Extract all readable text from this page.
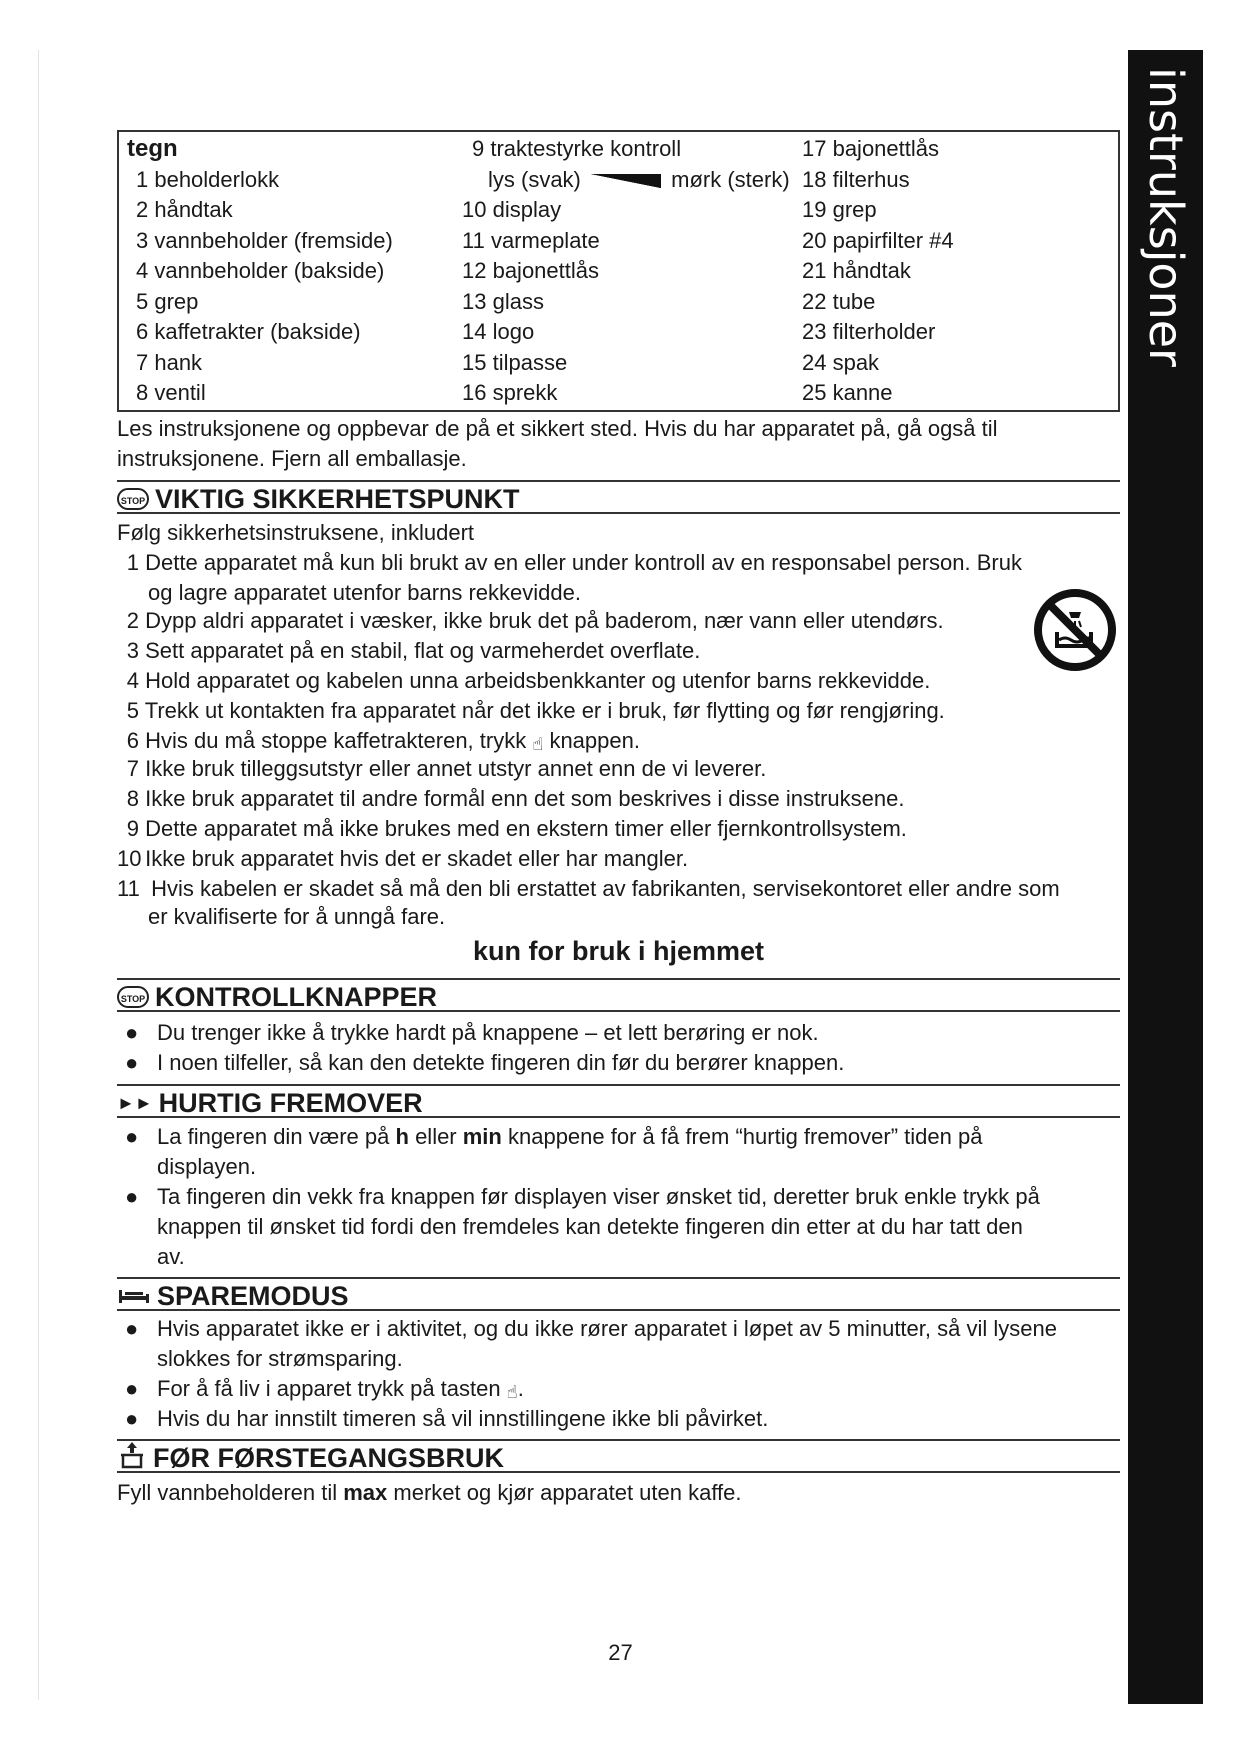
instruksjoner
tegn
1 beholderlokk
2 håndtak
3 vannbeholder (fremside)
4 vannbeholder (bakside)
5 grep
6 kaffetrakter (bakside)
7 hank
8 ventil
9 traktestyrke kontroll
lys (svak)	mørk (sterk)
10 display
11 varmeplate
12 bajonettlås
13 glass
14 logo
15 tilpasse
16 sprekk
17 bajonettlås
18 filterhus
19 grep
20 papirfilter #4
21 håndtak
22 tube
23 filterholder
24 spak
25 kanne
Les instruksjonene og oppbevar de på et sikkert sted. Hvis du har apparatet på, gå også til
instruksjonene. Fjern all emballasje.
STOP VIKTIG SIKKERHETSPUNKT
Følg sikkerhetsinstruksene, inkludert
1 Dette apparatet må kun bli brukt av en eller under kontroll av en responsabel person. Bruk
og lagre apparatet utenfor barns rekkevidde.
2 Dypp aldri apparatet i væsker, ikke bruk det på baderom, nær vann eller utendørs.
3 Sett apparatet på en stabil, flat og varmeherdet overflate.
4 Hold apparatet og kabelen unna arbeidsbenkkanter og utenfor barns rekkevidde.
5 Trekk ut kontakten fra apparatet når det ikke er i bruk, før flytting og før rengjøring.
6 Hvis du må stoppe kaffetrakteren, trykk ☝ knappen.
7 Ikke bruk tilleggsutstyr eller annet utstyr annet enn de vi leverer.
8 Ikke bruk apparatet til andre formål enn det som beskrives i disse instruksene.
9 Dette apparatet må ikke brukes med en ekstern timer eller fjernkontrollsystem.
10 Ikke bruk apparatet hvis det er skadet eller har mangler.
11 Hvis kabelen er skadet så må den bli erstattet av fabrikanten, servisekontoret eller andre som
er kvalifiserte for å unngå fare.
kun for bruk i hjemmet
STOP KONTROLLKNAPPER
● Du trenger ikke å trykke hardt på knappene – et lett berøring er nok.
● I noen tilfeller, så kan den detekte fingeren din før du berører knappen.
►► HURTIG FREMOVER
● La fingeren din være på h eller min knappene for å få frem “hurtig fremover” tiden på
displayen.
● Ta fingeren din vekk fra knappen før displayen viser ønsket tid, deretter bruk enkle trykk på
knappen til ønsket tid fordi den fremdeles kan detekte fingeren din etter at du har tatt den
av.
SPAREMODUS
● Hvis apparatet ikke er i aktivitet, og du ikke rører apparatet i løpet av 5 minutter, så vil lysene
slokkes for strømsparing.
● For å få liv i apparet trykk på tasten ☝.
● Hvis du har innstilt timeren så vil innstillingene ikke bli påvirket.
FØR FØRSTEGANGSBRUK
Fyll vannbeholderen til max merket og kjør apparatet uten kaffe.
27
